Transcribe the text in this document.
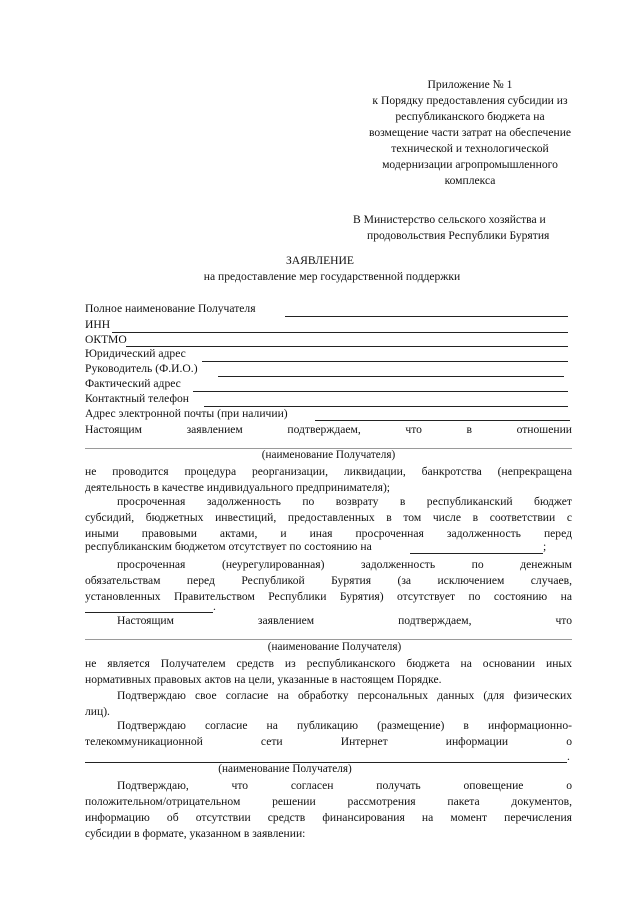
Приложение № 1
к Порядку предоставления субсидии из
республиканского бюджета на
возмещение части затрат на обеспечение
технической и технологической
модернизации агропромышленного
комплекса
В Министерство сельского хозяйства и
продовольствия Республики Бурятия
ЗАЯВЛЕНИЕ
на предоставление мер государственной поддержки
Полное наименование Получателя
ИНН
ОКТМО
Юридический адрес
Руководитель (Ф.И.О.)
Фактический адрес
Контактный телефон
Адрес электронной почты (при наличии)
Настоящим	заявлением	подтверждаем,	что	в	отношении
(наименование Получателя)
не проводится процедура реорганизации, ликвидации, банкротства (непрекращена
деятельность в качестве индивидуального предпринимателя);
просроченная задолженность по возврату в республиканский бюджет
субсидий, бюджетных инвестиций, предоставленных в том числе в соответствии с
иными правовыми актами, и иная просроченная задолженность перед
республиканским бюджетом отсутствует по состоянию на	;
просроченная (неурегулированная) задолженность по денежным
обязательствам перед Республикой Бурятия (за исключением случаев,
установленных Правительством Республики Бурятия) отсутствует по состоянию на
.
Настоящим	заявлением	подтверждаем,	что
(наименование Получателя)
не является Получателем средств из республиканского бюджета на основании иных
нормативных правовых актов на цели, указанные в настоящем Порядке.
Подтверждаю свое согласие на обработку персональных данных (для физических
лиц).
Подтверждаю согласие на публикацию (размещение) в информационно-
телекоммуникационной сети Интернет информации о
.
(наименование Получателя)
Подтверждаю, что согласен получать оповещение о
положительном/отрицательном решении рассмотрения пакета документов,
информацию об отсутствии средств финансирования на момент перечисления
субсидии в формате, указанном в заявлении:
